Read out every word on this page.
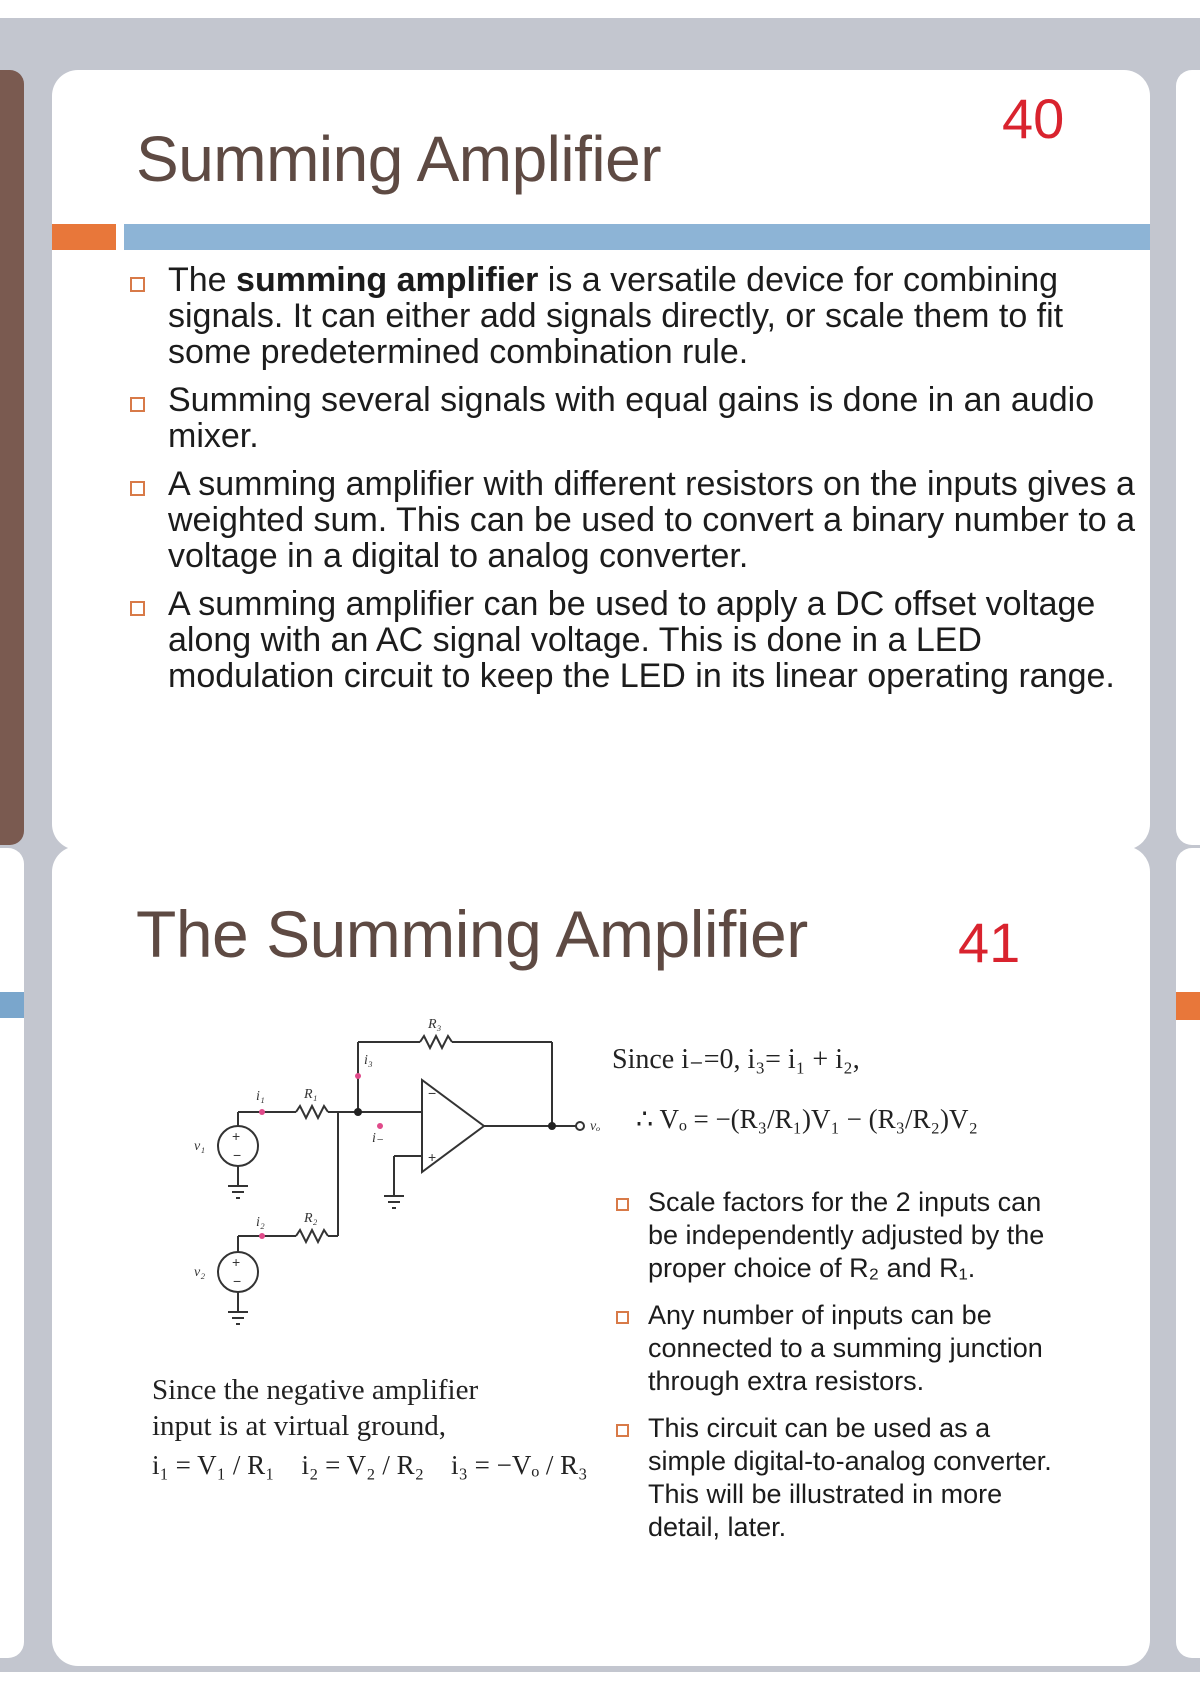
Summing Amplifier
40
The summing amplifier is a versatile device for combining signals. It can either add signals directly, or scale them to fit some predetermined combination rule.
Summing several signals with equal gains is done in an audio mixer.
A summing amplifier with different resistors on the inputs gives a weighted sum. This can be used to convert a binary number to a voltage in a digital to analog converter.
A summing amplifier can be used to apply a DC offset voltage along with an AC signal voltage. This is done in a LED modulation circuit to keep the LED in its linear operating range.
The Summing Amplifier	41
R₃
R₁
R₂
i₁
i₂
i₃
i₋
v₁
v₂
vₒ
−
+
+
−
+
−
Since the negative amplifier
input is at virtual ground,
i₁ = V₁ / R₁ i₂ = V₂ / R₂ i₃ = −Vₒ / R₃
Since i₋=0, i₃= i₁ + i₂,
∴ Vₒ = −(R₃/R₁)V₁ − (R₃/R₂)V₂
Scale factors for the 2 inputs can be independently adjusted by the proper choice of R₂ and R₁.
Any number of inputs can be connected to a summing junction through extra resistors.
This circuit can be used as a simple digital-to-analog converter. This will be illustrated in more detail, later.
